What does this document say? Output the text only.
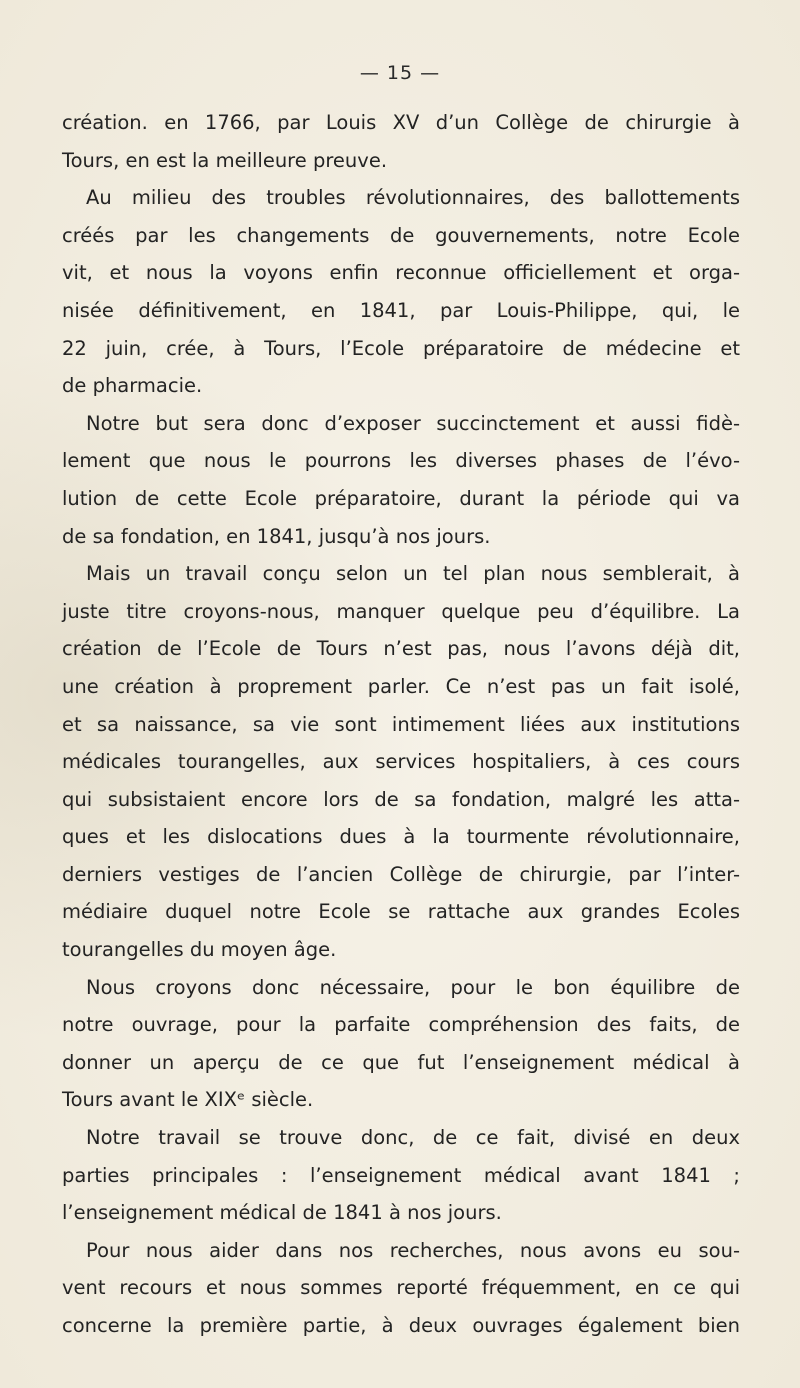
— 15 —
création. en 1766, par Louis XV d’un Collège de chirurgie à
Tours, en est la meilleure preuve.
Au milieu des troubles révolutionnaires, des ballottements
créés par les changements de gouvernements, notre Ecole
vit, et nous la voyons enfin reconnue officiellement et orga-
nisée définitivement, en 1841, par Louis-Philippe, qui, le
22 juin, crée, à Tours, l’Ecole préparatoire de médecine et
de pharmacie.
Notre but sera donc d’exposer succinctement et aussi fidè-
lement que nous le pourrons les diverses phases de l’évo-
lution de cette Ecole préparatoire, durant la période qui va
de sa fondation, en 1841, jusqu’à nos jours.
Mais un travail conçu selon un tel plan nous semblerait, à
juste titre croyons-nous, manquer quelque peu d’équilibre. La
création de l’Ecole de Tours n’est pas, nous l’avons déjà dit,
une création à proprement parler. Ce n’est pas un fait isolé,
et sa naissance, sa vie sont intimement liées aux institutions
médicales tourangelles, aux services hospitaliers, à ces cours
qui subsistaient encore lors de sa fondation, malgré les atta-
ques et les dislocations dues à la tourmente révolutionnaire,
derniers vestiges de l’ancien Collège de chirurgie, par l’inter-
médiaire duquel notre Ecole se rattache aux grandes Ecoles
tourangelles du moyen âge.
Nous croyons donc nécessaire, pour le bon équilibre de
notre ouvrage, pour la parfaite compréhension des faits, de
donner un aperçu de ce que fut l’enseignement médical à
Tours avant le XIXᵉ siècle.
Notre travail se trouve donc, de ce fait, divisé en deux
parties principales : l’enseignement médical avant 1841 ;
l’enseignement médical de 1841 à nos jours.
Pour nous aider dans nos recherches, nous avons eu sou-
vent recours et nous sommes reporté fréquemment, en ce qui
concerne la première partie, à deux ouvrages également bien
